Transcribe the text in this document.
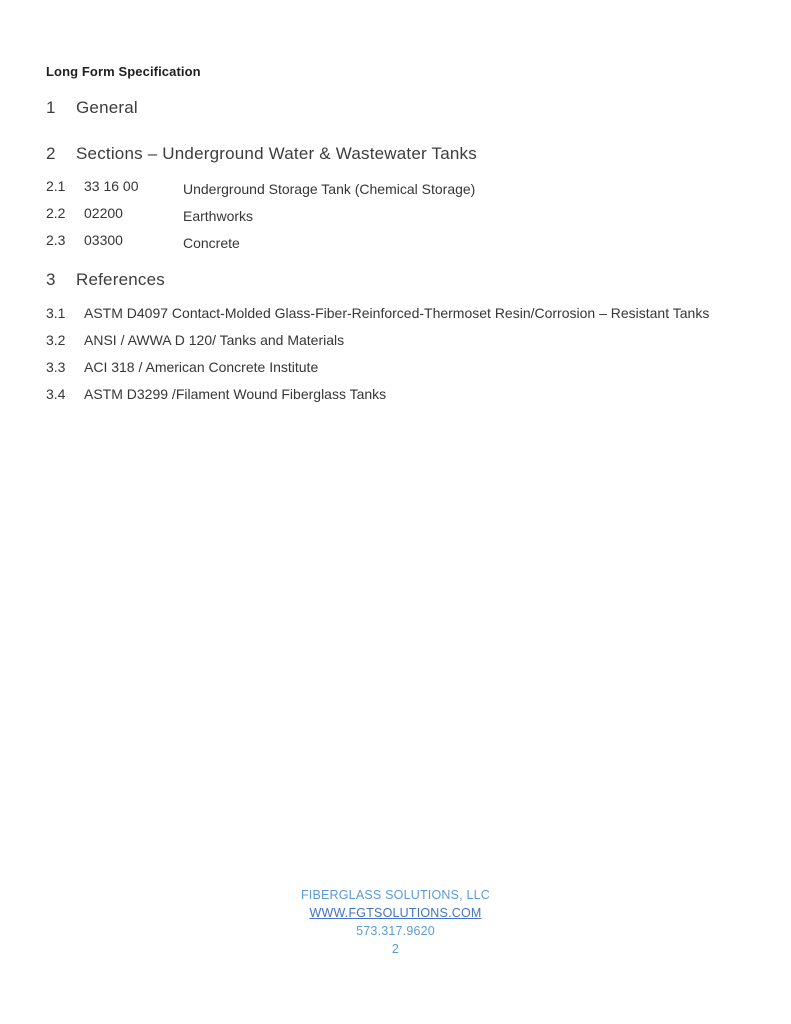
Long Form Specification

1	General
2	Sections – Underground Water & Wastewater Tanks
2.1	33 16 00	Underground Storage Tank (Chemical Storage)
2.2	02200	Earthworks
2.3	03300	Concrete
3	References
3.1	ASTM D4097 Contact-Molded Glass-Fiber-Reinforced-Thermoset Resin/Corrosion – Resistant Tanks
3.2	ANSI / AWWA D 120/ Tanks and Materials
3.3	ACI 318 / American Concrete Institute
3.4	ASTM D3299 /Filament Wound Fiberglass Tanks
FIBERGLASS SOLUTIONS, LLC
WWW.FGTSOLUTIONS.COM
573.317.9620
2
